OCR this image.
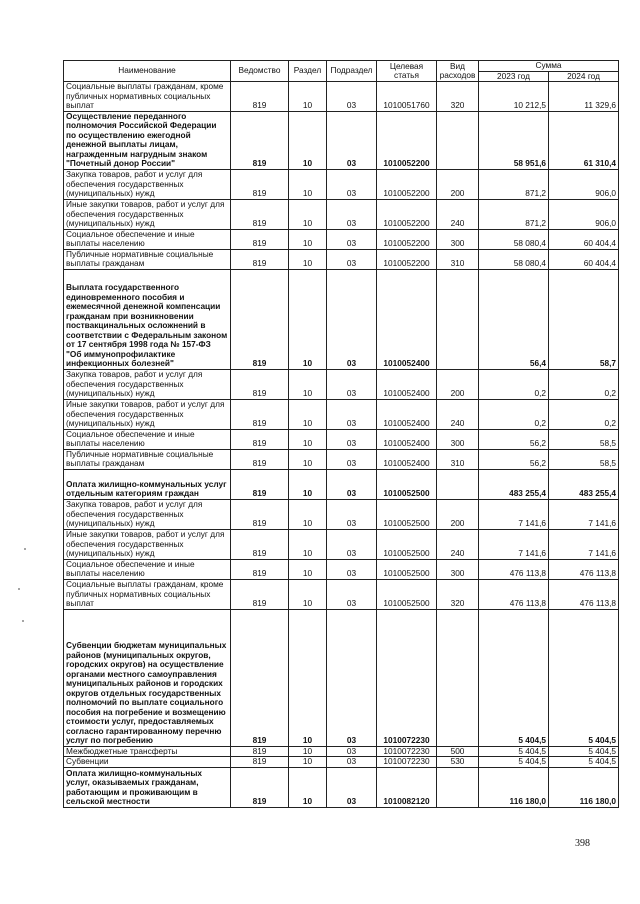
Наименование	Ведомство	Раздел	Подраздел	Целевая статья	Вид расходов	Сумма	
						2023 год	2024 год
Социальные выплаты гражданам, кроме публичных нормативных социальных выплат	819	10	03	1010051760	320	10 212,5	11 329,6
Осуществление переданного полномочия Российской Федерации по осуществлению ежегодной денежной выплаты лицам, награжденным нагрудным знаком "Почетный донор России"	819	10	03	1010052200		58 951,6	61 310,4
Закупка товаров, работ и услуг для обеспечения государственных (муниципальных) нужд	819	10	03	1010052200	200	871,2	906,0
Иные закупки товаров, работ и услуг для обеспечения государственных (муниципальных) нужд	819	10	03	1010052200	240	871,2	906,0
Социальное обеспечение и иные выплаты населению	819	10	03	1010052200	300	58 080,4	60 404,4
Публичные нормативные социальные выплаты гражданам	819	10	03	1010052200	310	58 080,4	60 404,4
Выплата государственного единовременного пособия и ежемесячной денежной компенсации гражданам при возникновении поствакцинальных осложнений в соответствии с Федеральным законом от 17 сентября 1998 года № 157-ФЗ "Об иммунопрофилактике инфекционных болезней"	819	10	03	1010052400		56,4	58,7
Закупка товаров, работ и услуг для обеспечения государственных (муниципальных) нужд	819	10	03	1010052400	200	0,2	0,2
Иные закупки товаров, работ и услуг для обеспечения государственных (муниципальных) нужд	819	10	03	1010052400	240	0,2	0,2
Социальное обеспечение и иные выплаты населению	819	10	03	1010052400	300	56,2	58,5
Публичные нормативные социальные выплаты гражданам	819	10	03	1010052400	310	56,2	58,5
Оплата жилищно-коммунальных услуг отдельным категориям граждан	819	10	03	1010052500		483 255,4	483 255,4
Закупка товаров, работ и услуг для обеспечения государственных (муниципальных) нужд	819	10	03	1010052500	200	7 141,6	7 141,6
Иные закупки товаров, работ и услуг для обеспечения государственных (муниципальных) нужд	819	10	03	1010052500	240	7 141,6	7 141,6
Социальное обеспечение и иные выплаты населению	819	10	03	1010052500	300	476 113,8	476 113,8
Социальные выплаты гражданам, кроме публичных нормативных социальных выплат	819	10	03	1010052500	320	476 113,8	476 113,8
Субвенции бюджетам муниципальных районов (муниципальных округов, городских округов) на осуществление органами местного самоуправления муниципальных районов и городских округов отдельных государственных полномочий по выплате социального пособия на погребение и возмещению стоимости услуг, предоставляемых согласно гарантированному перечню услуг по погребению	819	10	03	1010072230		5 404,5	5 404,5
Межбюджетные трансферты	819	10	03	1010072230	500	5 404,5	5 404,5
Субвенции	819	10	03	1010072230	530	5 404,5	5 404,5
Оплата жилищно-коммунальных услуг, оказываемых гражданам, работающим и проживающим в сельской местности	819	10	03	1010082120		116 180,0	116 180,0
398
